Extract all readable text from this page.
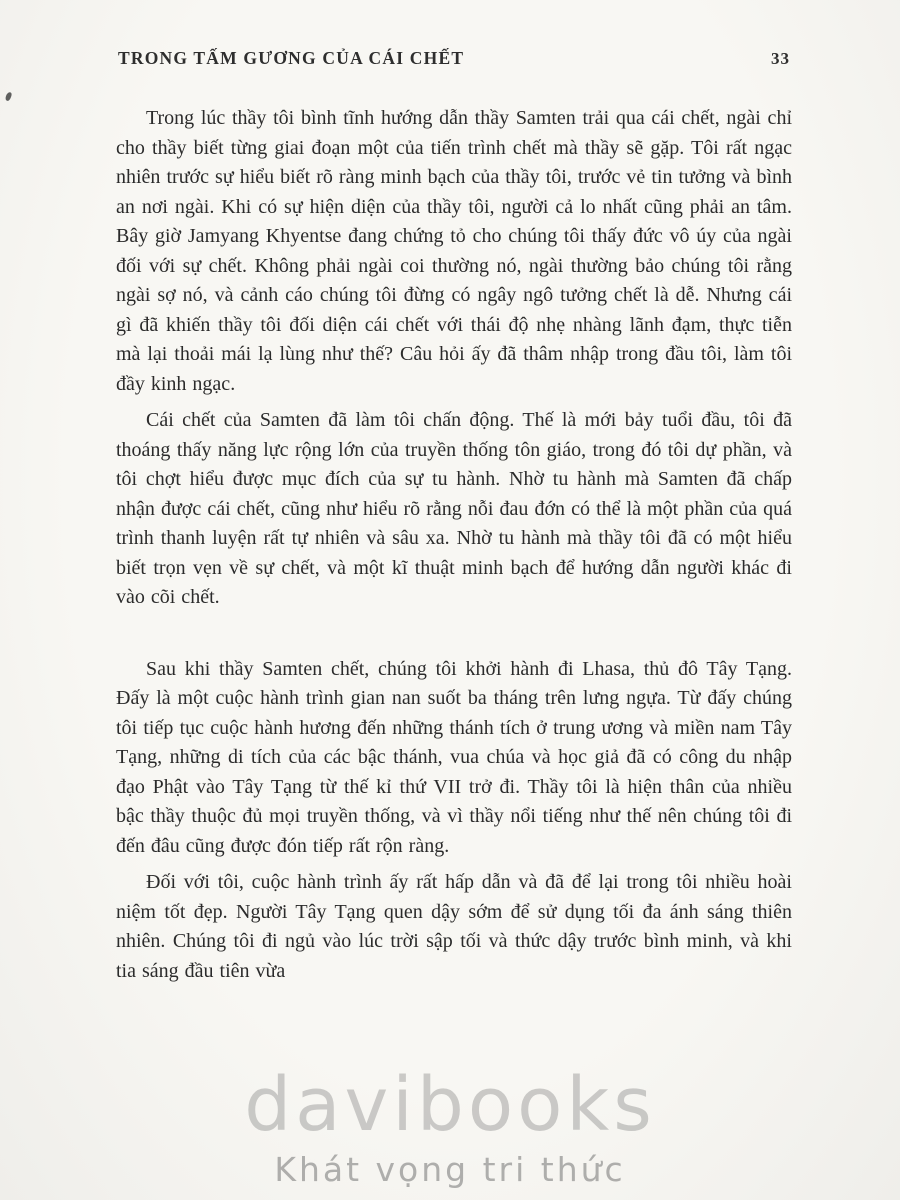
TRONG TẤM GƯƠNG CỦA CÁI CHẾT	33

Trong lúc thầy tôi bình tĩnh hướng dẫn thầy Samten trải qua cái chết, ngài chỉ cho thầy biết từng giai đoạn một của tiến trình chết mà thầy sẽ gặp. Tôi rất ngạc nhiên trước sự hiểu biết rõ ràng minh bạch của thầy tôi, trước vẻ tin tưởng và bình an nơi ngài. Khi có sự hiện diện của thầy tôi, người cả lo nhất cũng phải an tâm. Bây giờ Jamyang Khyentse đang chứng tỏ cho chúng tôi thấy đức vô úy của ngài đối với sự chết. Không phải ngài coi thường nó, ngài thường bảo chúng tôi rằng ngài sợ nó, và cảnh cáo chúng tôi đừng có ngây ngô tưởng chết là dễ. Nhưng cái gì đã khiến thầy tôi đối diện cái chết với thái độ nhẹ nhàng lãnh đạm, thực tiễn mà lại thoải mái lạ lùng như thế? Câu hỏi ấy đã thâm nhập trong đầu tôi, làm tôi đầy kinh ngạc.

Cái chết của Samten đã làm tôi chấn động. Thế là mới bảy tuổi đầu, tôi đã thoáng thấy năng lực rộng lớn của truyền thống tôn giáo, trong đó tôi dự phần, và tôi chợt hiểu được mục đích của sự tu hành. Nhờ tu hành mà Samten đã chấp nhận được cái chết, cũng như hiểu rõ rằng nỗi đau đớn có thể là một phần của quá trình thanh luyện rất tự nhiên và sâu xa. Nhờ tu hành mà thầy tôi đã có một hiểu biết trọn vẹn về sự chết, và một kĩ thuật minh bạch để hướng dẫn người khác đi vào cõi chết.

Sau khi thầy Samten chết, chúng tôi khởi hành đi Lhasa, thủ đô Tây Tạng. Đấy là một cuộc hành trình gian nan suốt ba tháng trên lưng ngựa. Từ đấy chúng tôi tiếp tục cuộc hành hương đến những thánh tích ở trung ương và miền nam Tây Tạng, những di tích của các bậc thánh, vua chúa và học giả đã có công du nhập đạo Phật vào Tây Tạng từ thế kỉ thứ VII trở đi. Thầy tôi là hiện thân của nhiều bậc thầy thuộc đủ mọi truyền thống, và vì thầy nổi tiếng như thế nên chúng tôi đi đến đâu cũng được đón tiếp rất rộn ràng.

Đối với tôi, cuộc hành trình ấy rất hấp dẫn và đã để lại trong tôi nhiều hoài niệm tốt đẹp. Người Tây Tạng quen dậy sớm để sử dụng tối đa ánh sáng thiên nhiên. Chúng tôi đi ngủ vào lúc trời sập tối và thức dậy trước bình minh, và khi tia sáng đầu tiên vừa

davibooks
Khát vọng tri thức
